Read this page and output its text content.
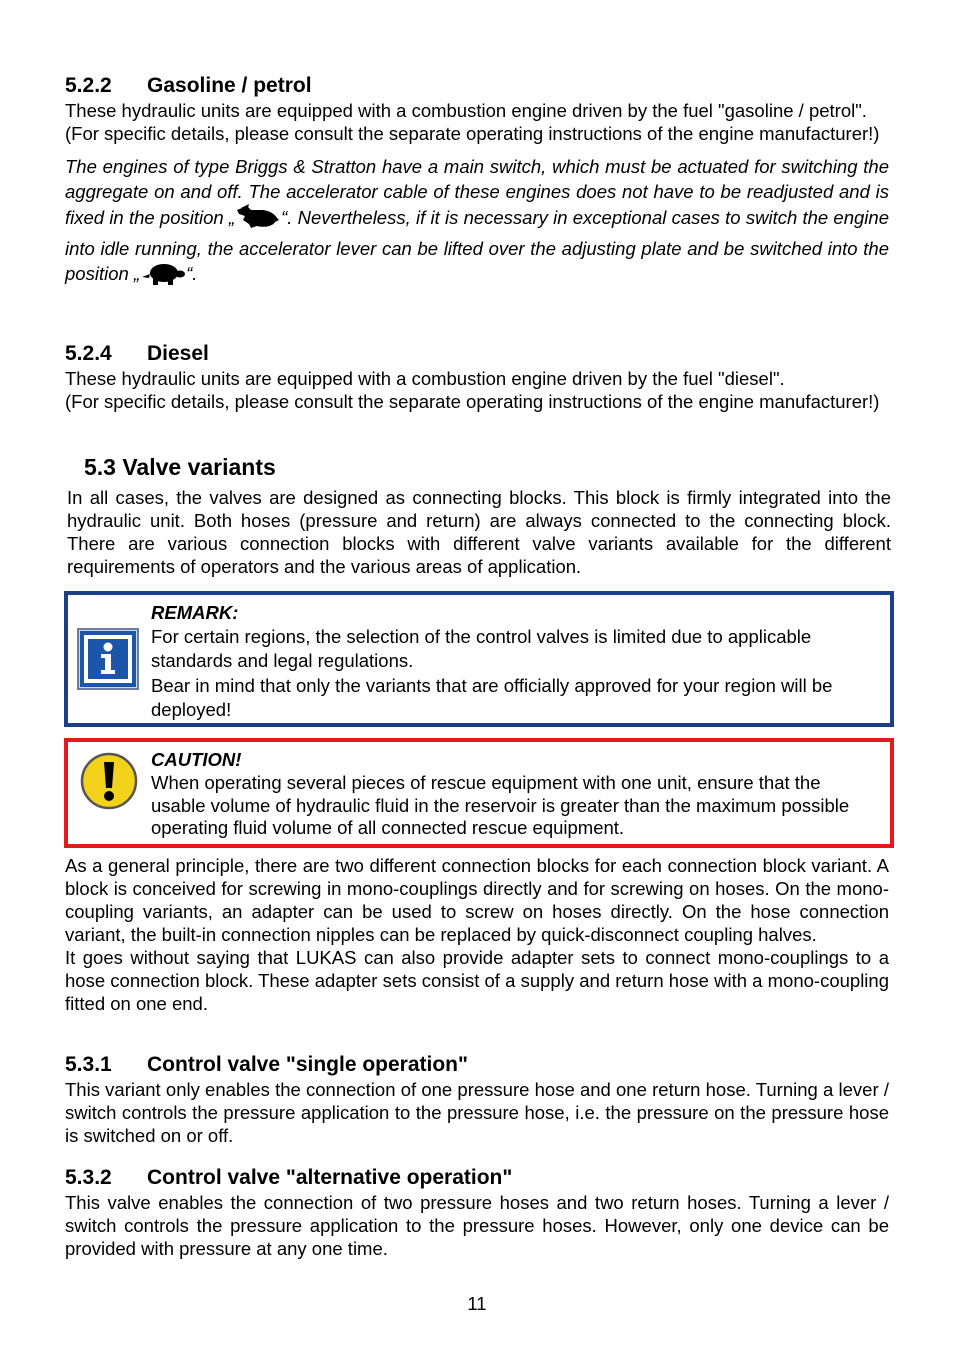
5.2.2	Gasoline / petrol

These hydraulic units are equipped with a combustion engine driven by the fuel "gasoline / petrol".

(For specific details, please consult the separate operating instructions of the engine manufacturer!)

The engines of type Briggs & Stratton have a main switch, which must be actuated for switching the aggregate on and off. The accelerator cable of these engines does not have to be readjusted and is fixed in the position „ “. Nevertheless, if it is necessary in exceptional cases to switch the engine into idle running, the accelerator lever can be lifted over the adjusting plate and be switched into the position „ “.
5.2.4	Diesel

These hydraulic units are equipped with a combustion engine driven by the fuel "diesel".

(For specific details, please consult the separate operating instructions of the engine manufacturer!)

5.3 Valve variants

In all cases, the valves are designed as connecting blocks. This block is firmly integrated into the hydraulic unit. Both hoses (pressure and return) are always connected to the connecting block. There are various connection blocks with different valve variants available for the different requirements of operators and the various areas of application.

REMARK:

For certain regions, the selection of the control valves is limited due to applicable standards and legal regulations.

Bear in mind that only the variants that are officially approved for your region will be deployed!

CAUTION!

When operating several pieces of rescue equipment with one unit, ensure that the usable volume of hydraulic fluid in the reservoir is greater than the maximum possible operating fluid volume of all connected rescue equipment.

As a general principle, there are two different connection blocks for each connection block variant. A block is conceived for screwing in mono-couplings directly and for screwing on hoses. On the mono-coupling variants, an adapter can be used to screw on hoses directly. On the hose connection variant, the built-in connection nipples can be replaced by quick-disconnect coupling halves.

It goes without saying that LUKAS can also provide adapter sets to connect mono-couplings to a hose connection block. These adapter sets consist of a supply and return hose with a mono-coupling fitted on one end.

5.3.1	Control valve "single operation"

This variant only enables the connection of one pressure hose and one return hose. Turning a lever / switch controls the pressure application to the pressure hose, i.e. the pressure on the pressure hose is switched on or off.

5.3.2	Control valve "alternative operation"

This valve enables the connection of two pressure hoses and two return hoses. Turning a lever / switch controls the pressure application to the pressure hoses. However, only one device can be provided with pressure at any one time.

11
